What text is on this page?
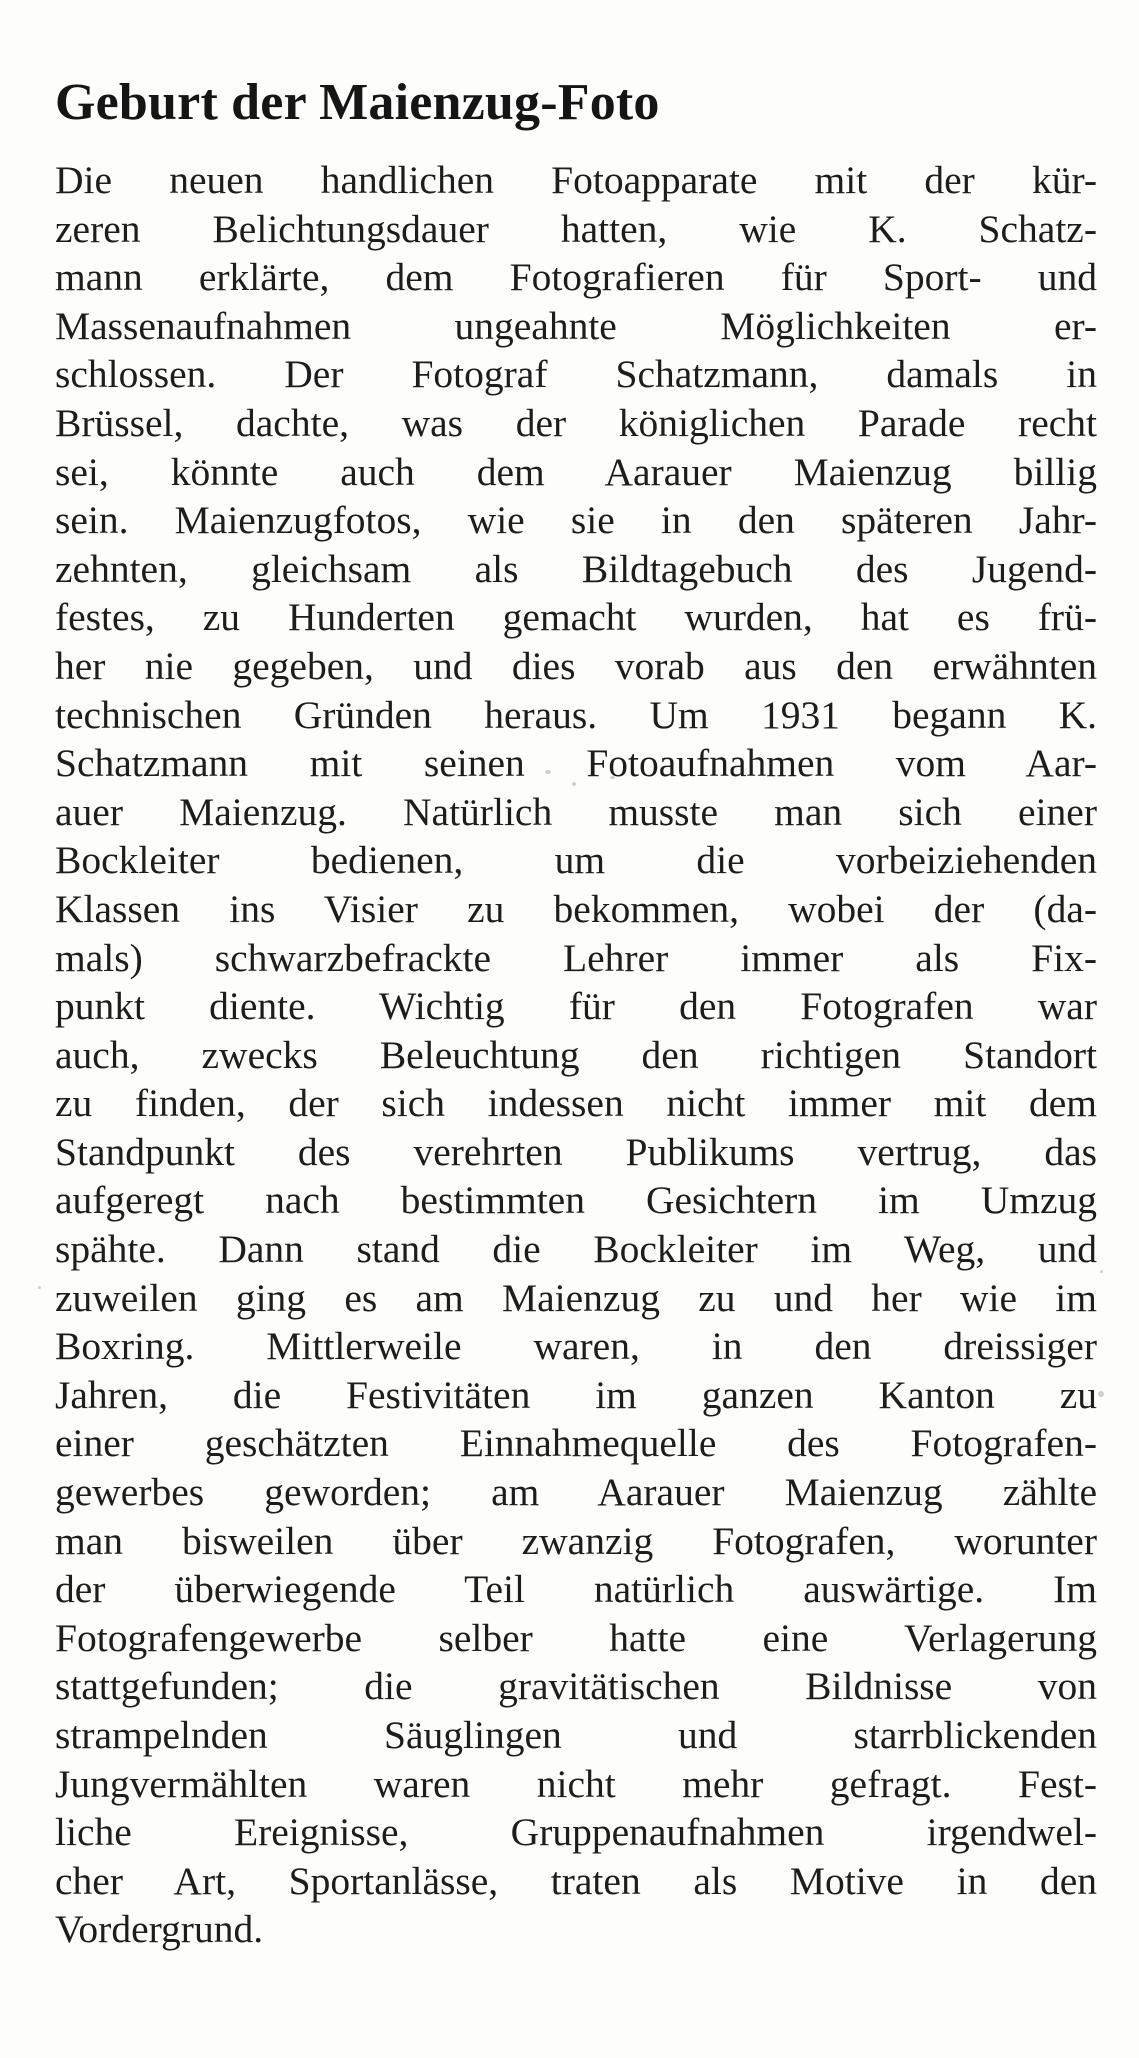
Geburt der Maienzug-Foto
Die neuen handlichen Fotoapparate mit der kür-
zeren Belichtungsdauer hatten, wie K. Schatz-
mann erklärte, dem Fotografieren für Sport- und
Massenaufnahmen ungeahnte Möglichkeiten er-
schlossen. Der Fotograf Schatzmann, damals in
Brüssel, dachte, was der königlichen Parade recht
sei, könnte auch dem Aarauer Maienzug billig
sein. Maienzugfotos, wie sie in den späteren Jahr-
zehnten, gleichsam als Bildtagebuch des Jugend-
festes, zu Hunderten gemacht wurden, hat es frü-
her nie gegeben, und dies vorab aus den erwähnten
technischen Gründen heraus. Um 1931 begann K.
Schatzmann mit seinen Fotoaufnahmen vom Aar-
auer Maienzug. Natürlich musste man sich einer
Bockleiter bedienen, um die vorbeiziehenden
Klassen ins Visier zu bekommen, wobei der (da-
mals) schwarzbefrackte Lehrer immer als Fix-
punkt diente. Wichtig für den Fotografen war
auch, zwecks Beleuchtung den richtigen Standort
zu finden, der sich indessen nicht immer mit dem
Standpunkt des verehrten Publikums vertrug, das
aufgeregt nach bestimmten Gesichtern im Umzug
spähte. Dann stand die Bockleiter im Weg, und
zuweilen ging es am Maienzug zu und her wie im
Boxring. Mittlerweile waren, in den dreissiger
Jahren, die Festivitäten im ganzen Kanton zu
einer geschätzten Einnahmequelle des Fotografen-
gewerbes geworden; am Aarauer Maienzug zählte
man bisweilen über zwanzig Fotografen, worunter
der überwiegende Teil natürlich auswärtige. Im
Fotografengewerbe selber hatte eine Verlagerung
stattgefunden; die gravitätischen Bildnisse von
strampelnden Säuglingen und starrblickenden
Jungvermählten waren nicht mehr gefragt. Fest-
liche Ereignisse, Gruppenaufnahmen irgendwel-
cher Art, Sportanlässe, traten als Motive in den
Vordergrund.
